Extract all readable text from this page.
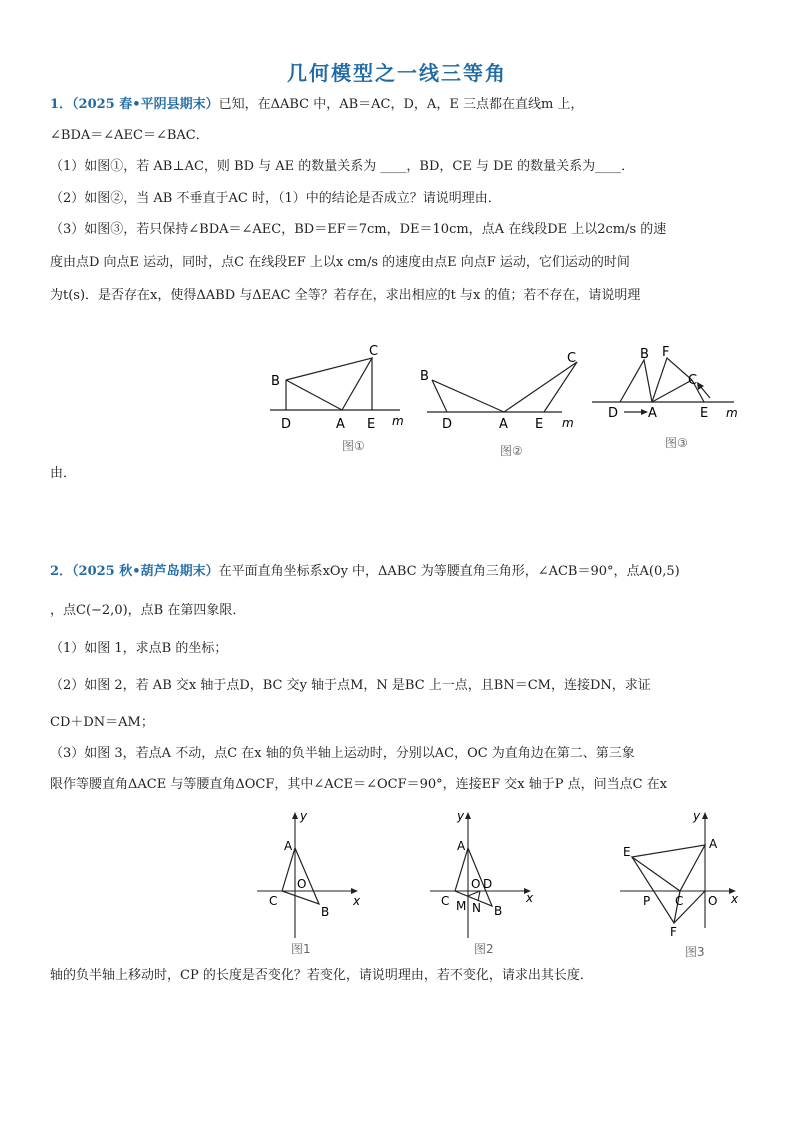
几何模型之一线三等角
1．（2025 春•平阴县期末）已知，在ΔABC 中，AB＝AC，D，A，E 三点都在直线m 上，
∠BDA＝∠AEC＝∠BAC．
（1）如图①，若 AB⊥AC，则 BD 与 AE 的数量关系为 ____，BD，CE 与 DE 的数量关系为____．
（2）如图②，当 AB 不垂直于AC 时，（1）中的结论是否成立？请说明理由．
（3）如图③，若只保持∠BDA＝∠AEC，BD＝EF＝7cm，DE＝10cm，点A 在线段DE 上以2cm/s 的速
度由点D 向点E 运动，同时，点C 在线段EF 上以x cm/s 的速度由点E 向点F 运动，它们运动的时间
为t(s)．是否存在x，使得ΔABD 与ΔEAC 全等？若存在，求出相应的t 与x 的值；若不存在，请说明理
B
C
D	A E m
图①
B
C
D	A E m
图②
B F
C
D A	E m
图③
由．
2．（2025 秋•葫芦岛期末）在平面直角坐标系xOy 中，ΔABC 为等腰直角三角形，∠ACB＝90°，点A(0,5)
，点C(−2,0)，点B 在第四象限．
（1）如图 1，求点B 的坐标；
（2）如图 2，若 AB 交x 轴于点D，BC 交y 轴于点M，N 是BC 上一点，且BN＝CM，连接DN，求证
CD＋DN＝AM；
（3）如图 3，若点A 不动，点C 在x 轴的负半轴上运动时，分别以AC，OC 为直角边在第二、第三象
限作等腰直角ΔACE 与等腰直角ΔOCF，其中∠ACE＝∠OCF＝90°，连接EF 交x 轴于P 点，问当点C 在x
y
A
O
C
B
x
图1
y
A
O D
C M N B
x
图2
y
A
E
P C O
F
x
图3
轴的负半轴上移动时，CP 的长度是否变化？若变化，请说明理由，若不变化，请求出其长度．
